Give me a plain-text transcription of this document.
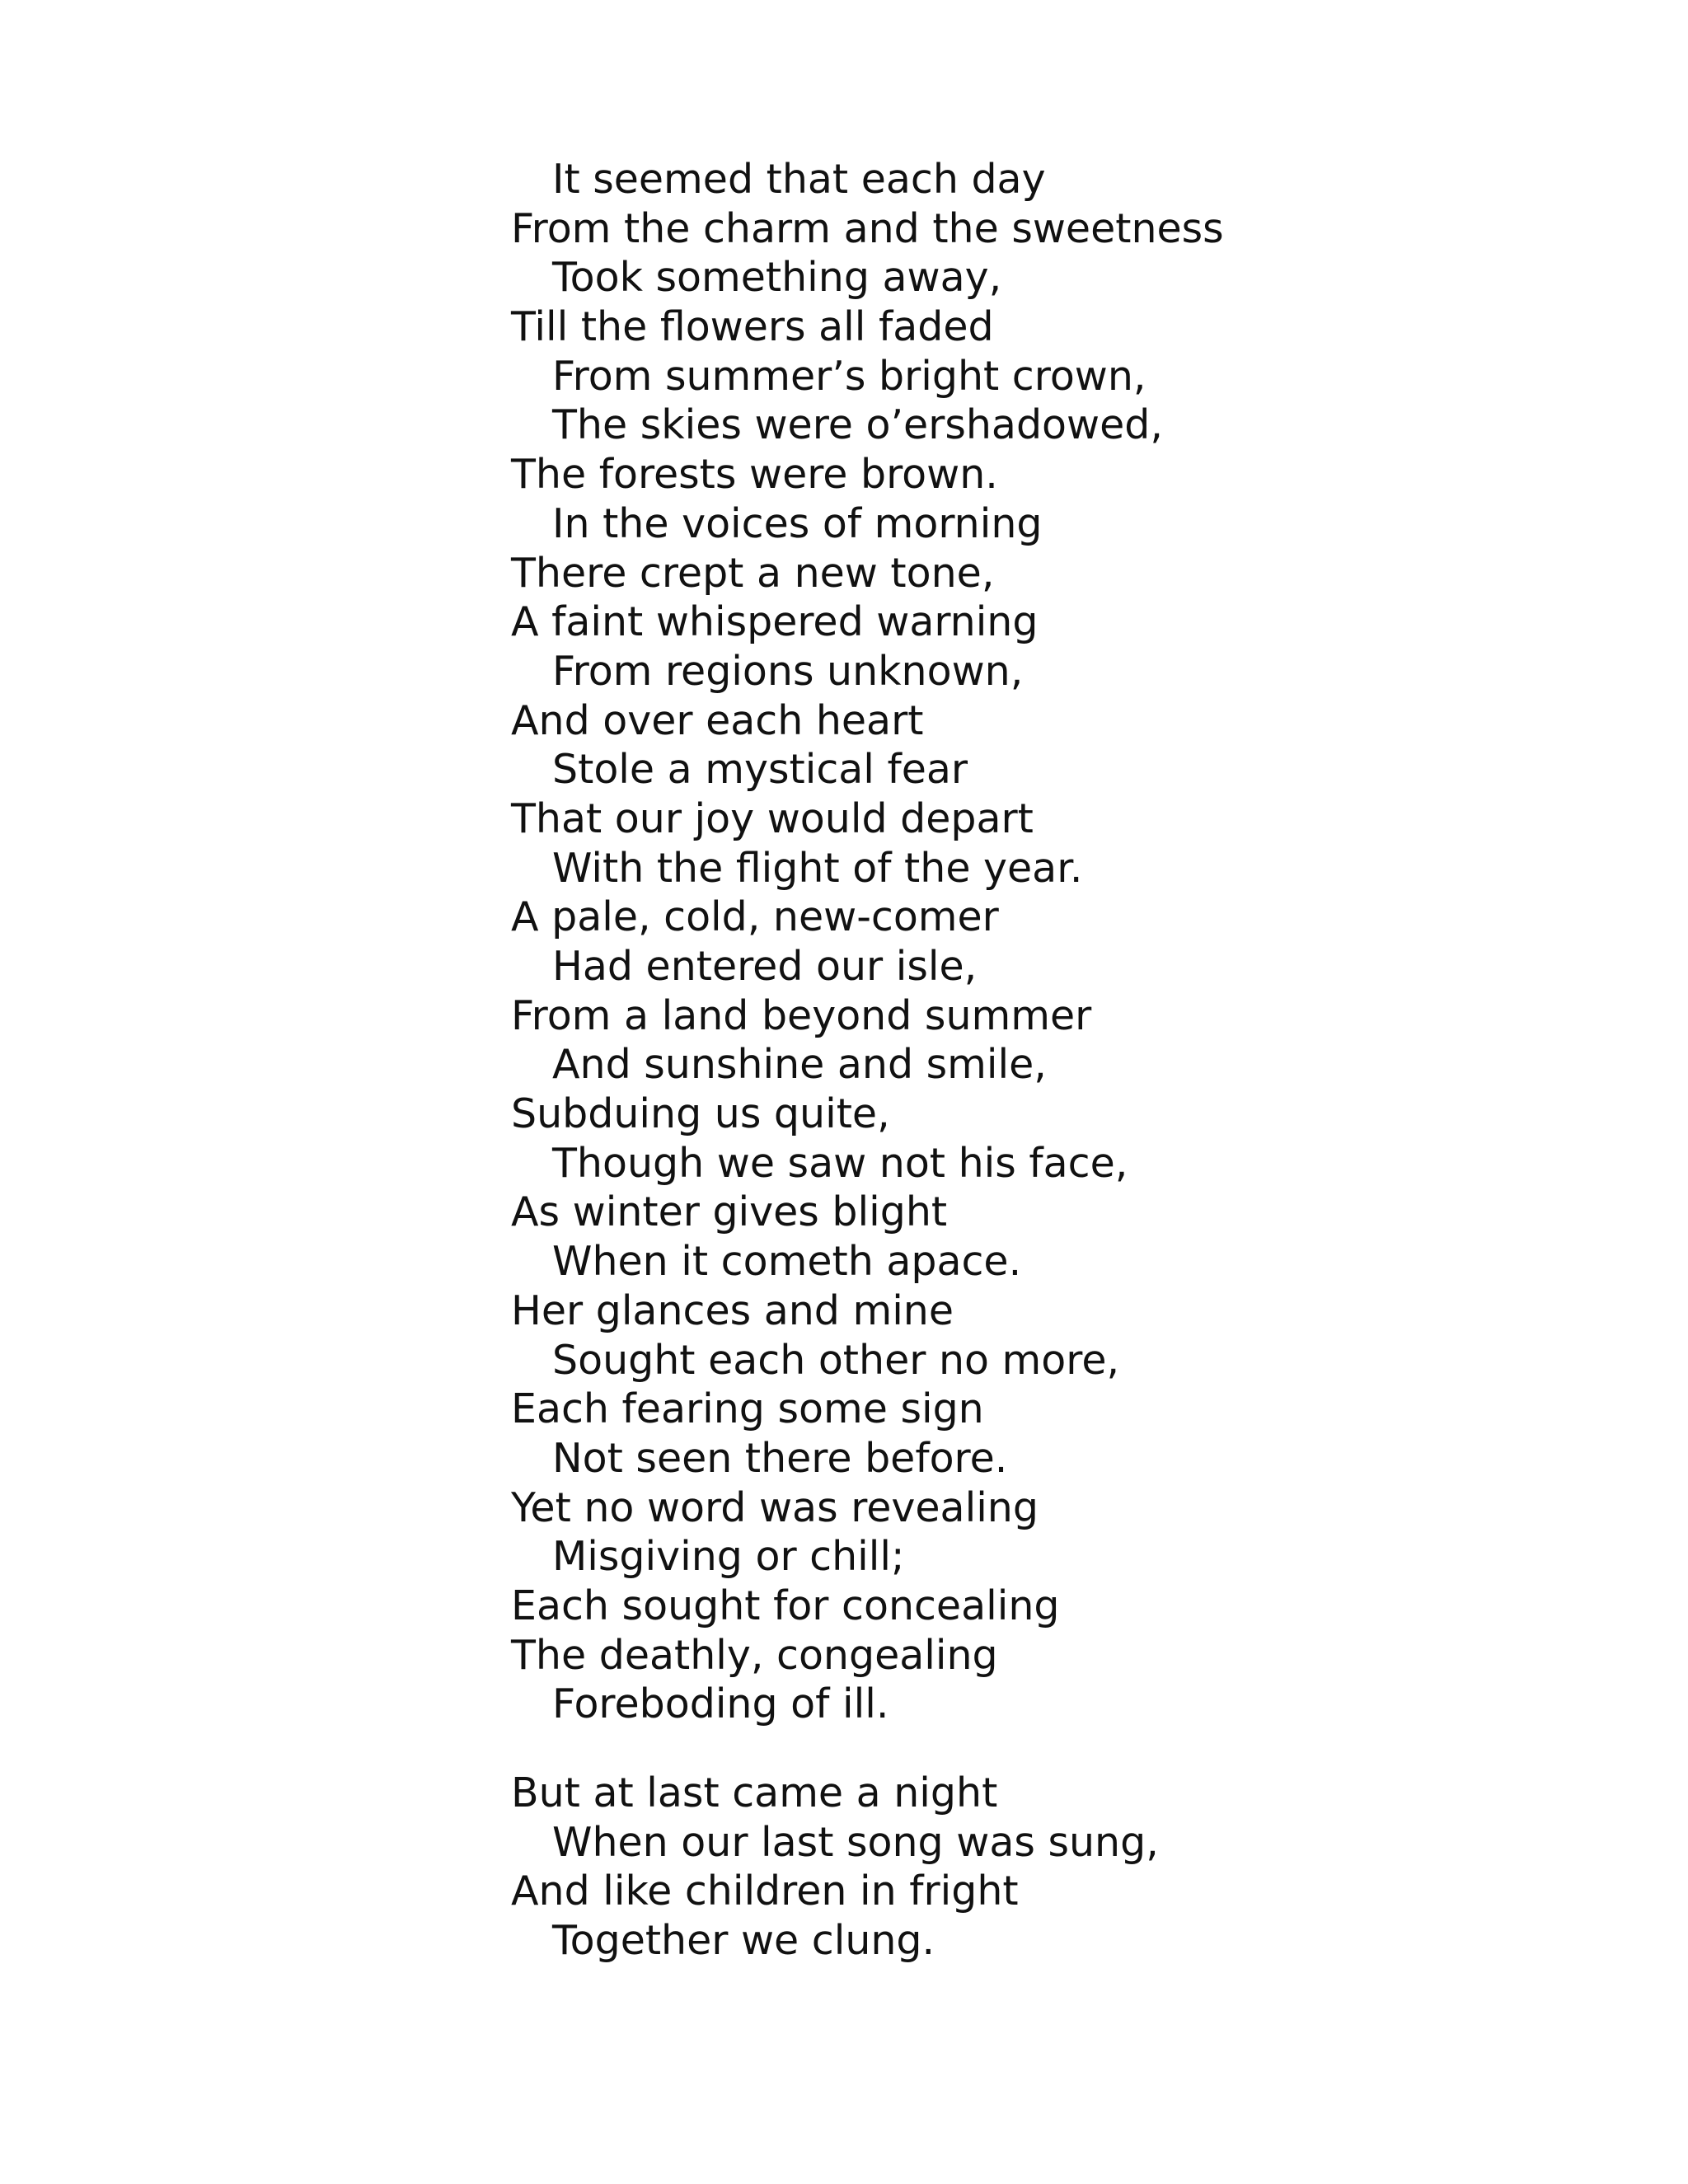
It seemed that each day
From the charm and the sweetness
Took something away,
Till the flowers all faded
From summer’s bright crown,
The skies were o’ershadowed,
The forests were brown.
In the voices of morning
There crept a new tone,
A faint whispered warning
From regions unknown,
And over each heart
Stole a mystical fear
That our joy would depart
With the flight of the year.
A pale, cold, new-comer
Had entered our isle,
From a land beyond summer
And sunshine and smile,
Subduing us quite,
Though we saw not his face,
As winter gives blight
When it cometh apace.
Her glances and mine
Sought each other no more,
Each fearing some sign
Not seen there before.
Yet no word was revealing
Misgiving or chill;
Each sought for concealing
The deathly, congealing
Foreboding of ill.
But at last came a night
When our last song was sung,
And like children in fright
Together we clung.
